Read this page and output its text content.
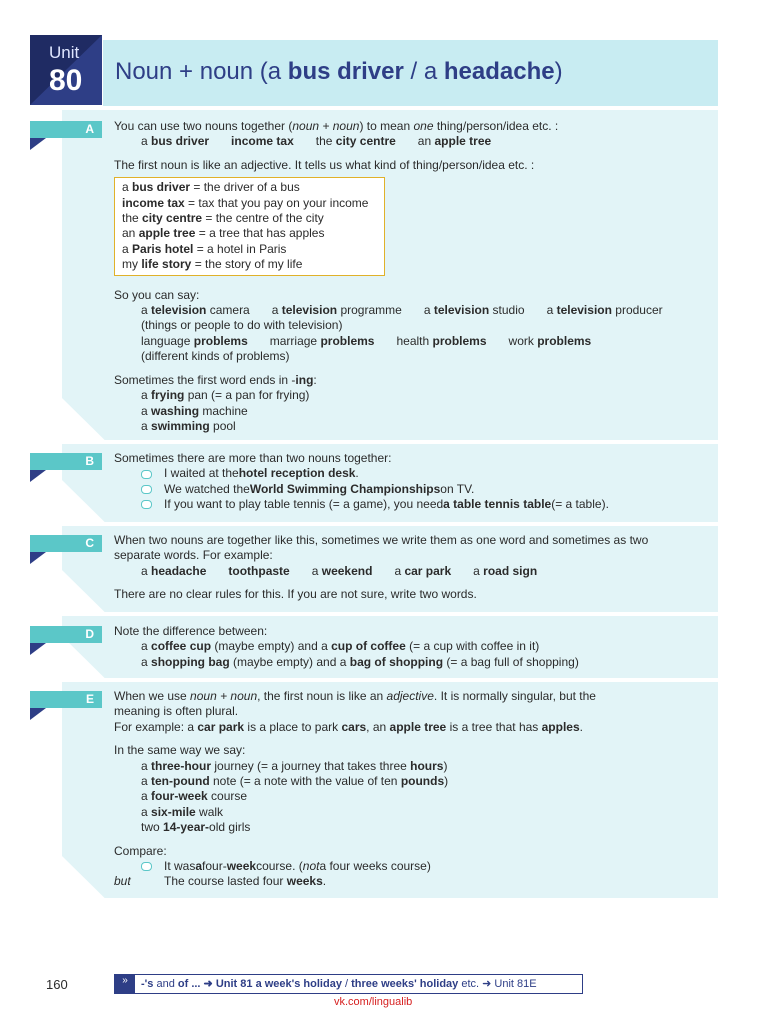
Unit
80 Noun + noun (a bus driver / a headache)
A	You can use two nouns together (noun + noun) to mean one thing/person/idea etc. :

a bus driver income tax the city centre an apple tree

The first noun is like an adjective. It tells us what kind of thing/person/idea etc. :

a bus driver = the driver of a bus

income tax = tax that you pay on your income

the city centre = the centre of the city

an apple tree = a tree that has apples

a Paris hotel = a hotel in Paris

my life story = the story of my life

So you can say:

a television camera a television programme a television studio a television producer

(things or people to do with television)

language problems marriage problems health problems work problems

(different kinds of problems)

Sometimes the first word ends in -ing:

a frying pan (= a pan for frying)

a washing machine

a swimming pool

B	Sometimes there are more than two nouns together:

I waited at the hotel reception desk .

We watched the World Swimming Championships on TV.

If you want to play table tennis (= a game), you need a table tennis table (= a table).

C	When two nouns are together like this, sometimes we write them as one word and sometimes as two

separate words. For example:

a headache toothpaste a weekend a car park a road sign

There are no clear rules for this. If you are not sure, write two words.

D	Note the difference between:

a coffee cup (maybe empty) and a cup of coffee (= a cup with coffee in it)

a shopping bag (maybe empty) and a bag of shopping (= a bag full of shopping)

E	When we use noun + noun, the first noun is like an adjective. It is normally singular, but the

meaning is often plural.

For example: a car park is a place to park cars, an apple tree is a tree that has apples.

In the same way we say:

a three-hour journey (= a journey that takes three hours)

a ten-pound note (= a note with the value of ten pounds)

a four-week course

a six-mile walk

two 14-year-old girls

Compare:

It was a four- week course. ( not a four weeks course)

but	The course lasted four weeks.

160	»	-'s and of ... ➜ Unit 81 a week's holiday / three weeks' holiday etc. ➜ Unit 81E
vk.com/lingualib
